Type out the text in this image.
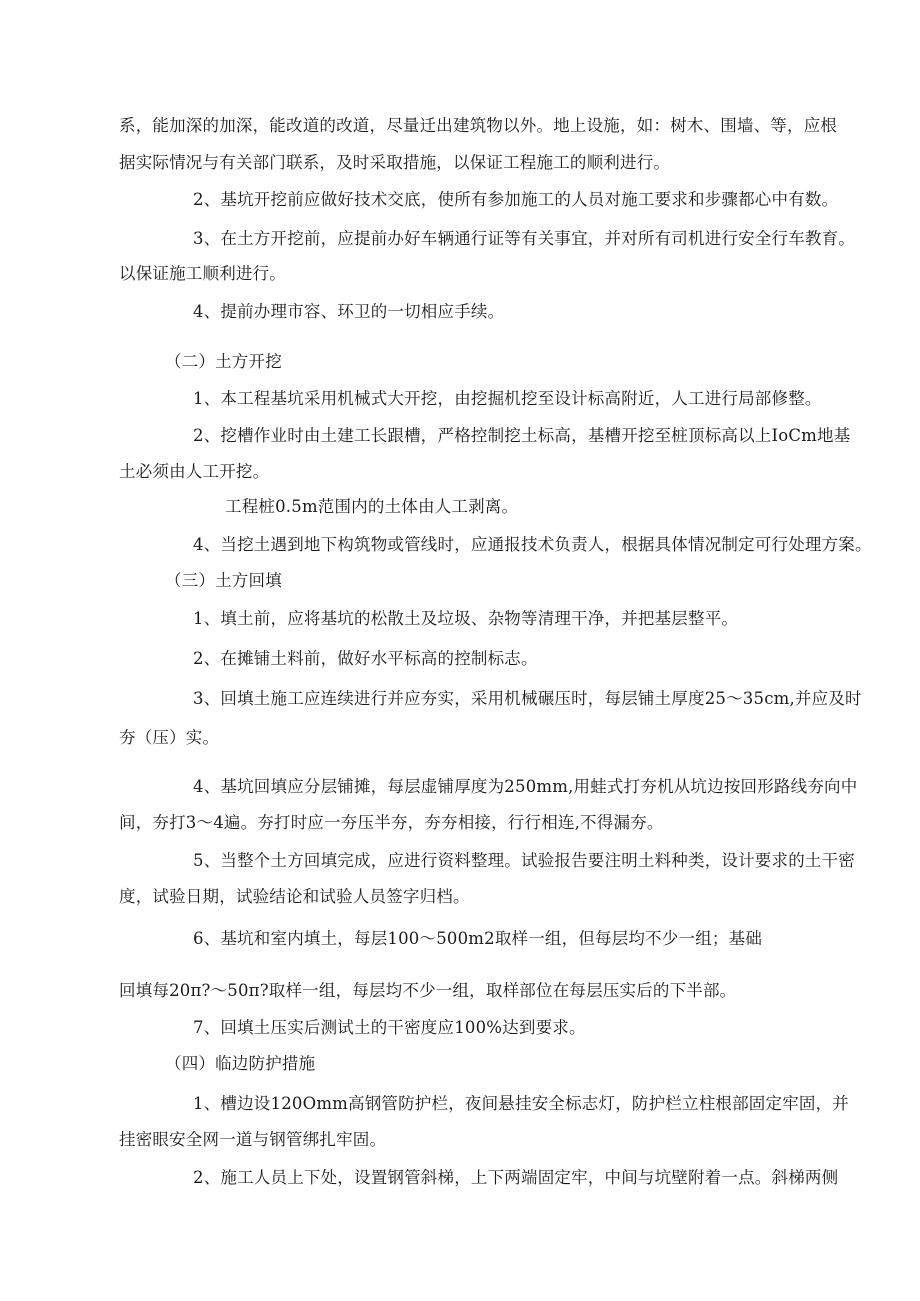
系，能加深的加深，能改道的改道，尽量迁出建筑物以外。地上设施，如：树木、围墙、等，应根
据实际情况与有关部门联系，及时采取措施，以保证工程施工的顺利进行。
2、基坑开挖前应做好技术交底，使所有参加施工的人员对施工要求和步骤都心中有数。
3、在土方开挖前，应提前办好车辆通行证等有关事宜，并对所有司机进行安全行车教育。
以保证施工顺利进行。
4、提前办理市容、环卫的一切相应手续。
（二）土方开挖
1、本工程基坑采用机械式大开挖，由挖掘机挖至设计标高附近，人工进行局部修整。
2、挖槽作业时由土建工长跟槽，严格控制挖土标高，基槽开挖至桩顶标高以上IoCm地基
土必须由人工开挖。
工程桩0.5m范围内的土体由人工剥离。
4、当挖土遇到地下构筑物或管线时，应通报技术负责人，根据具体情况制定可行处理方案。
（三）土方回填
1、填土前，应将基坑的松散土及垃圾、杂物等清理干净，并把基层整平。
2、在摊铺土料前，做好水平标高的控制标志。
3、回填土施工应连续进行并应夯实，采用机械碾压时，每层铺土厚度25～35cm,并应及时
夯（压）实。
4、基坑回填应分层铺摊，每层虚铺厚度为250mm,用蛙式打夯机从坑边按回形路线夯向中
间，夯打3～4遍。夯打时应一夯压半夯，夯夯相接，行行相连,不得漏夯。
5、当整个土方回填完成，应进行资料整理。试验报告要注明土料种类，设计要求的土干密
度，试验日期，试验结论和试验人员签字归档。
6、基坑和室内填土，每层100～500m2取样一组，但每层均不少一组；基础
回填每20π?～50π?取样一组，每层均不少一组，取样部位在每层压实后的下半部。
7、回填土压实后测试土的干密度应100%达到要求。
（四）临边防护措施
1、槽边设120Omm高钢管防护栏，夜间悬挂安全标志灯，防护栏立柱根部固定牢固，并
挂密眼安全网一道与钢管绑扎牢固。
2、施工人员上下处，设置钢管斜梯，上下两端固定牢，中间与坑壁附着一点。斜梯两侧
